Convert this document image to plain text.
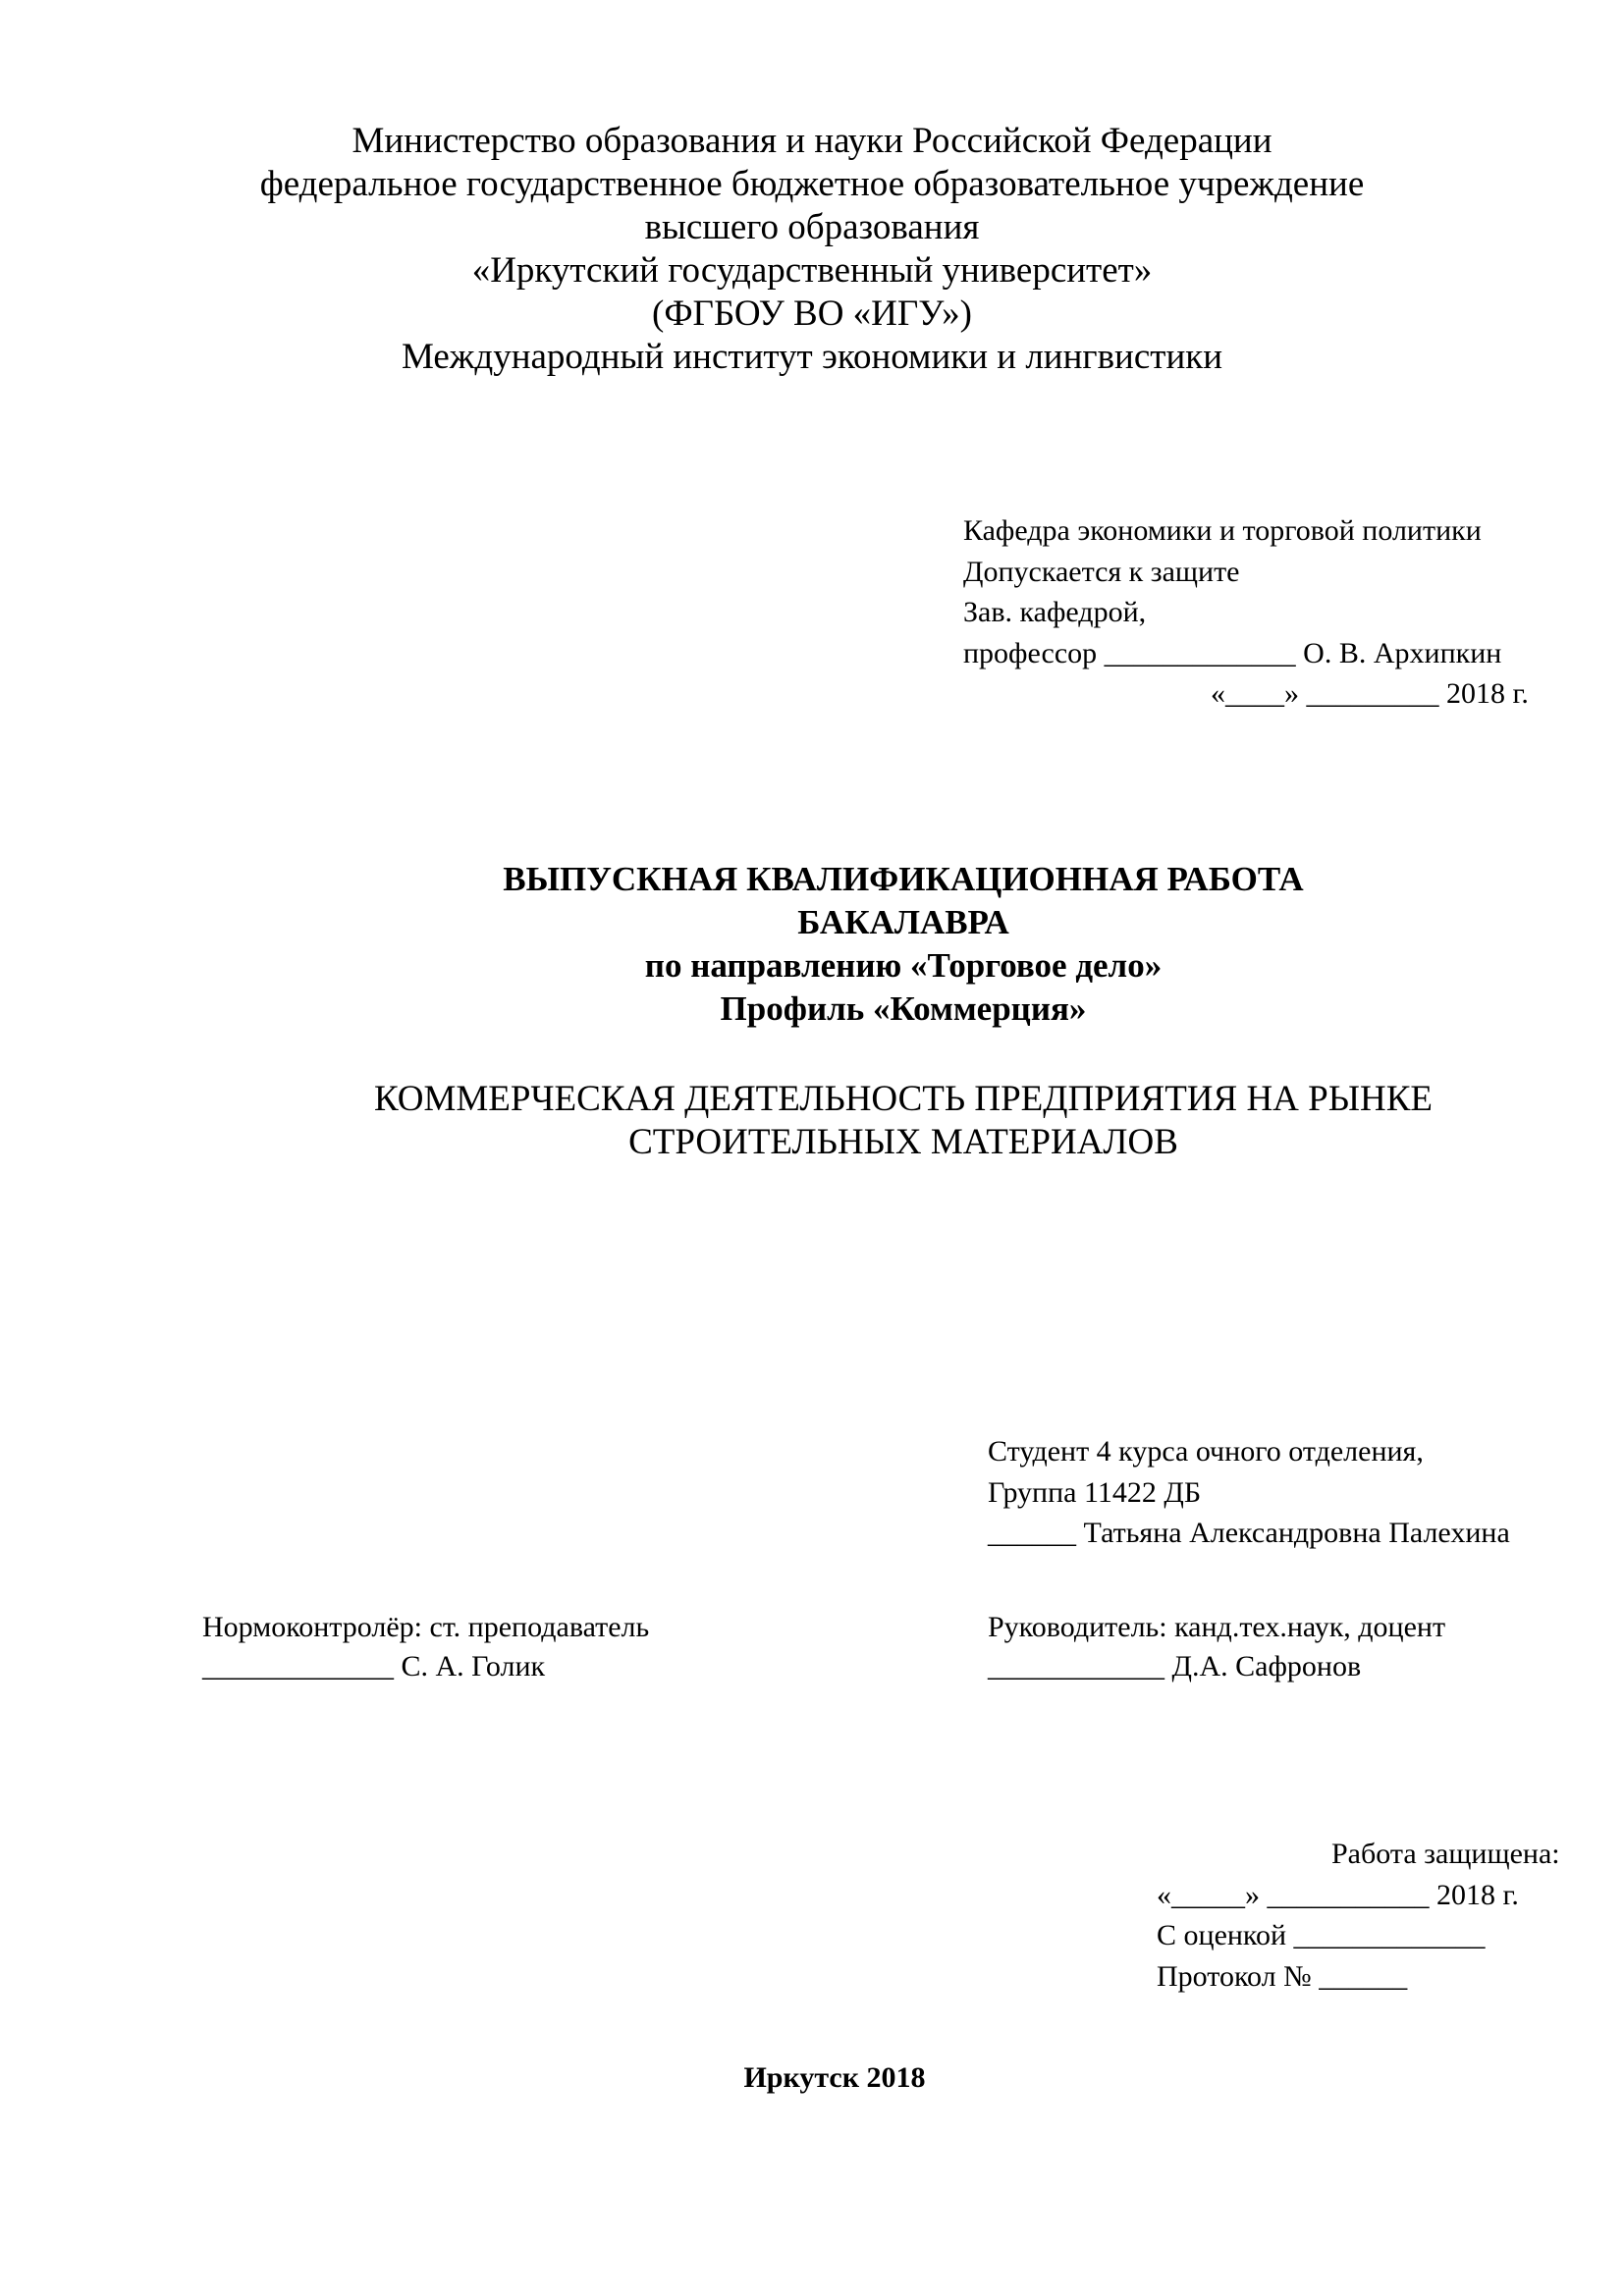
Министерство образования и науки Российской Федерации
федеральное государственное бюджетное образовательное учреждение
высшего образования
«Иркутский государственный университет»
(ФГБОУ ВО «ИГУ»)
Международный институт экономики и лингвистики
Кафедра экономики и торговой политики
Допускается к защите
Зав. кафедрой,
профессор _____________ О. В. Архипкин
«____» _________ 2018 г.
ВЫПУСКНАЯ КВАЛИФИКАЦИОННАЯ РАБОТА
БАКАЛАВРА
по направлению «Торговое дело»
Профиль «Коммерция»
КОММЕРЧЕСКАЯ ДЕЯТЕЛЬНОСТЬ ПРЕДПРИЯТИЯ НА РЫНКЕ
СТРОИТЕЛЬНЫХ МАТЕРИАЛОВ
Студент 4 курса очного отделения,
Группа 11422 ДБ
______ Татьяна Александровна Палехина
Нормоконтролёр: ст. преподаватель
_____________ С. А. Голик
Руководитель: канд.тех.наук, доцент
____________ Д.А. Сафронов
Работа защищена:
«_____» ___________ 2018 г.
С оценкой _____________
Протокол № ______
Иркутск 2018
